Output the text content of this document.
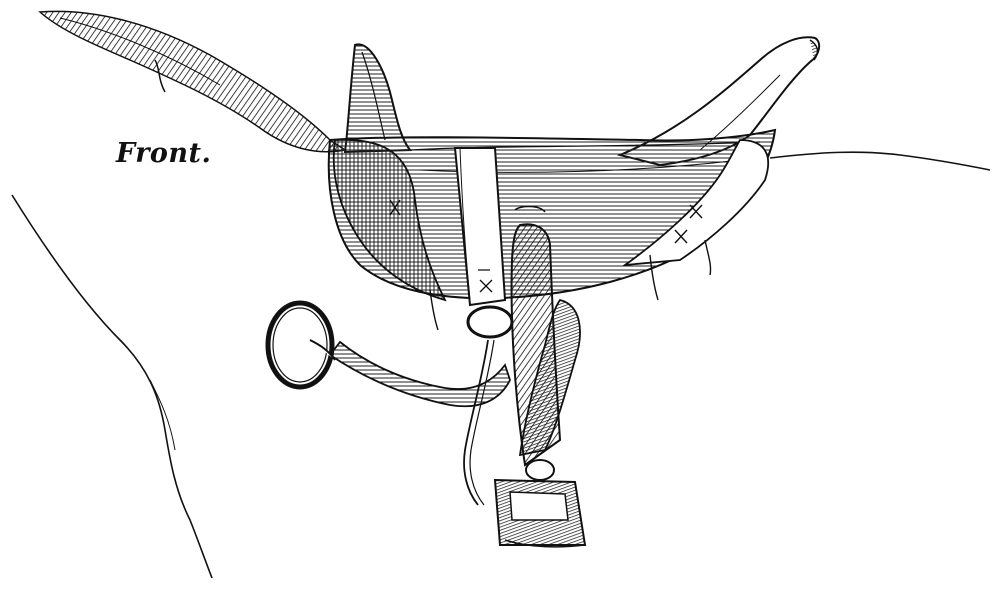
Front.
